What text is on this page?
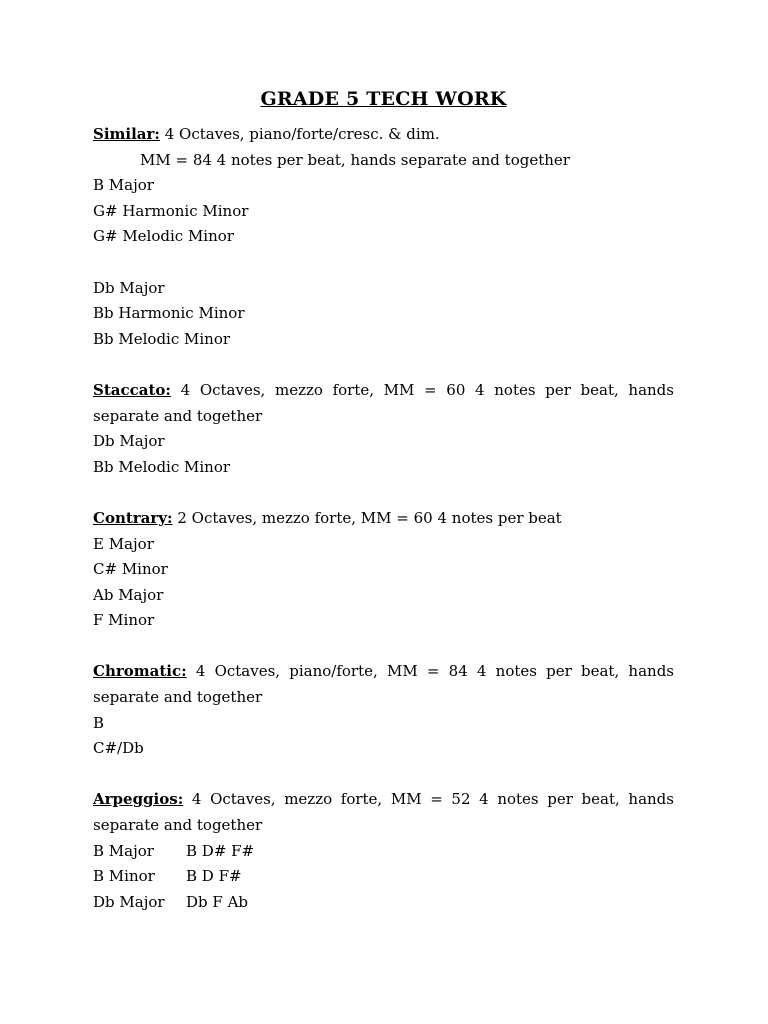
GRADE 5 TECH WORK
Similar: 4 Octaves, piano/forte/cresc. & dim.
MM = 84 4 notes per beat, hands separate and together
B Major
G# Harmonic Minor
G# Melodic Minor
Db Major
Bb Harmonic Minor
Bb Melodic Minor
Staccato: 4 Octaves, mezzo forte, MM = 60 4 notes per beat, hands separate and together
Db Major
Bb Melodic Minor
Contrary: 2 Octaves, mezzo forte, MM = 60 4 notes per beat
E Major
C# Minor
Ab Major
F Minor
Chromatic: 4 Octaves, piano/forte, MM = 84 4 notes per beat, hands separate and together
B
C#/Db
Arpeggios: 4 Octaves, mezzo forte, MM = 52 4 notes per beat, hands separate and together
B Major B D# F#
B Minor B D F#
Db Major Db F Ab
